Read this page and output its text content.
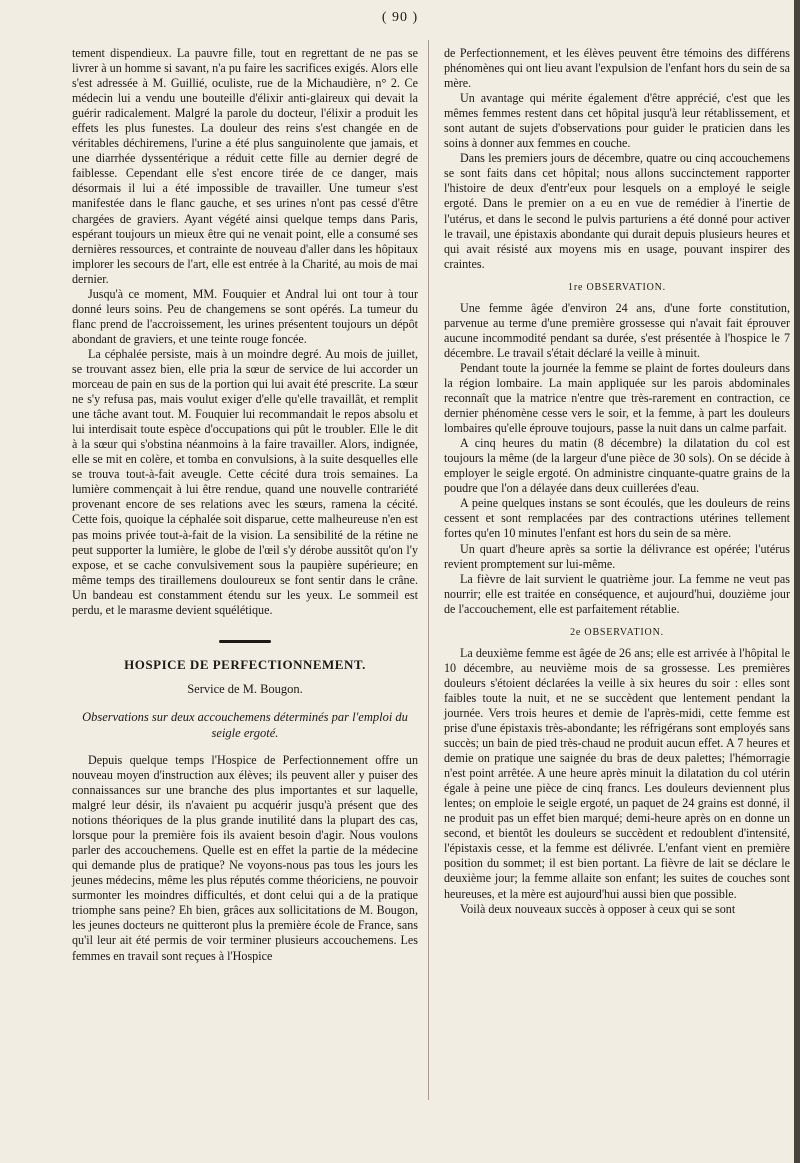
( 90 )

tement dispendieux. La pauvre fille, tout en regrettant de ne pas se livrer à un homme si savant, n'a pu faire les sacrifices exigés. Alors elle s'est adressée à M. Guillié, oculiste, rue de la Michaudière, n° 2. Ce médecin lui a vendu une bouteille d'élixir anti-glaireux qui devait la guérir radicalement. Malgré la parole du docteur, l'élixir a produit les effets les plus funestes. La douleur des reins s'est changée en de véritables déchiremens, l'urine a été plus sanguinolente que jamais, et une diarrhée dyssentérique a réduit cette fille au dernier degré de faiblesse. Cependant elle s'est encore tirée de ce danger, mais désormais il lui a été impossible de travailler. Une tumeur s'est manifestée dans le flanc gauche, et ses urines n'ont pas cessé d'être chargées de graviers. Ayant végété ainsi quelque temps dans Paris, espérant toujours un mieux être qui ne venait point, elle a consumé ses dernières ressources, et contrainte de nouveau d'aller dans les hôpitaux implorer les secours de l'art, elle est entrée à la Charité, au mois de mai dernier.

Jusqu'à ce moment, MM. Fouquier et Andral lui ont tour à tour donné leurs soins. Peu de changemens se sont opérés. La tumeur du flanc prend de l'accroissement, les urines présentent toujours un dépôt abondant de graviers, et une teinte rouge foncée.

La céphalée persiste, mais à un moindre degré. Au mois de juillet, se trouvant assez bien, elle pria la sœur de service de lui accorder un morceau de pain en sus de la portion qui lui avait été prescrite. La sœur ne s'y refusa pas, mais voulut exiger d'elle qu'elle travaillât, et remplit une tâche avant tout. M. Fouquier lui recommandait le repos absolu et lui interdisait toute espèce d'occupations qui pût le troubler. Elle le dit à la sœur qui s'obstina néanmoins à la faire travailler. Alors, indignée, elle se mit en colère, et tomba en convulsions, à la suite desquelles elle se trouva tout-à-fait aveugle. Cette cécité dura trois semaines. La lumière commençait à lui être rendue, quand une nouvelle contrariété provenant encore de ses relations avec les sœurs, ramena la cécité. Cette fois, quoique la céphalée soit disparue, cette malheureuse n'en est pas moins privée tout-à-fait de la vision. La sensibilité de la rétine ne peut supporter la lumière, le globe de l'œil s'y dérobe aussitôt qu'on l'y expose, et se cache convulsivement sous la paupière supérieure; en même temps des tiraillemens douloureux se font sentir dans le crâne. Un bandeau est constamment étendu sur les yeux. Le sommeil est perdu, et le marasme devient squélétique.

HOSPICE DE PERFECTIONNEMENT.
Service de M. Bougon.
Observations sur deux accouchemens déterminés par l'emploi du seigle ergoté.

Depuis quelque temps l'Hospice de Perfectionnement offre un nouveau moyen d'instruction aux élèves; ils peuvent aller y puiser des connaissances sur une branche des plus importantes et sur laquelle, malgré leur désir, ils n'avaient pu acquérir jusqu'à présent que des notions théoriques de la plus grande inutilité dans la plupart des cas, lorsque pour la première fois ils avaient besoin d'agir. Nous voulons parler des accouchemens. Quelle est en effet la partie de la médecine qui demande plus de pratique? Ne voyons-nous pas tous les jours les jeunes médecins, même les plus réputés comme théoriciens, ne pouvoir surmonter les moindres difficultés, et dont celui qui a de la pratique triomphe sans peine? Eh bien, grâces aux sollicitations de M. Bougon, les jeunes docteurs ne quitteront plus la première école de France, sans qu'il leur ait été permis de voir terminer plusieurs accouchemens. Les femmes en travail sont reçues à l'Hospice

de Perfectionnement, et les élèves peuvent être témoins des différens phénomènes qui ont lieu avant l'expulsion de l'enfant hors du sein de sa mère.

Un avantage qui mérite également d'être apprécié, c'est que les mêmes femmes restent dans cet hôpital jusqu'à leur rétablissement, et sont autant de sujets d'observations pour guider le praticien dans les soins à donner aux femmes en couche.

Dans les premiers jours de décembre, quatre ou cinq accouchemens se sont faits dans cet hôpital; nous allons succinctement rapporter l'histoire de deux d'entr'eux pour lesquels on a employé le seigle ergoté. Dans le premier on a eu en vue de remédier à l'inertie de l'utérus, et dans le second le pulvis parturiens a été donné pour activer le travail, une épistaxis abondante qui durait depuis plusieurs heures et qui avait résisté aux moyens mis en usage, pouvant inspirer des craintes.

1re OBSERVATION.

Une femme âgée d'environ 24 ans, d'une forte constitution, parvenue au terme d'une première grossesse qui n'avait fait éprouver aucune incommodité pendant sa durée, s'est présentée à l'hospice le 7 décembre. Le travail s'était déclaré la veille à minuit.

Pendant toute la journée la femme se plaint de fortes douleurs dans la région lombaire. La main appliquée sur les parois abdominales reconnaît que la matrice n'entre que très-rarement en contraction, ce dernier phénomène cesse vers le soir, et la femme, à part les douleurs lombaires qu'elle éprouve toujours, passe la nuit dans un calme parfait.

A cinq heures du matin (8 décembre) la dilatation du col est toujours la même (de la largeur d'une pièce de 30 sols). On se décide à employer le seigle ergoté. On administre cinquante-quatre grains de la poudre que l'on a délayée dans deux cuillerées d'eau.

A peine quelques instans se sont écoulés, que les douleurs de reins cessent et sont remplacées par des contractions utérines tellement fortes qu'en 10 minutes l'enfant est hors du sein de sa mère.

Un quart d'heure après sa sortie la délivrance est opérée; l'utérus revient promptement sur lui-même.

La fièvre de lait survient le quatrième jour. La femme ne veut pas nourrir; elle est traitée en conséquence, et aujourd'hui, douzième jour de l'accouchement, elle est parfaitement rétablie.

2e OBSERVATION.

La deuxième femme est âgée de 26 ans; elle est arrivée à l'hôpital le 10 décembre, au neuvième mois de sa grossesse. Les premières douleurs s'étoient déclarées la veille à six heures du soir : elles sont faibles toute la nuit, et ne se succèdent que lentement pendant la journée. Vers trois heures et demie de l'après-midi, cette femme est prise d'une épistaxis très-abondante; les réfrigérans sont employés sans succès; un bain de pied très-chaud ne produit aucun effet. A 7 heures et demie on pratique une saignée du bras de deux palettes; l'hémorragie n'est point arrêtée. A une heure après minuit la dilatation du col utérin égale à peine une pièce de cinq francs. Les douleurs deviennent plus lentes; on emploie le seigle ergoté, un paquet de 24 grains est donné, il ne produit pas un effet bien marqué; demi-heure après on en donne un second, et bientôt les douleurs se succèdent et redoublent d'intensité, l'épistaxis cesse, et la femme est délivrée. L'enfant vient en première position du sommet; il est bien portant. La fièvre de lait se déclare le deuxième jour; la femme allaite son enfant; les suites de couches sont heureuses, et la mère est aujourd'hui aussi bien que possible.

Voilà deux nouveaux succès à opposer à ceux qui se sont
